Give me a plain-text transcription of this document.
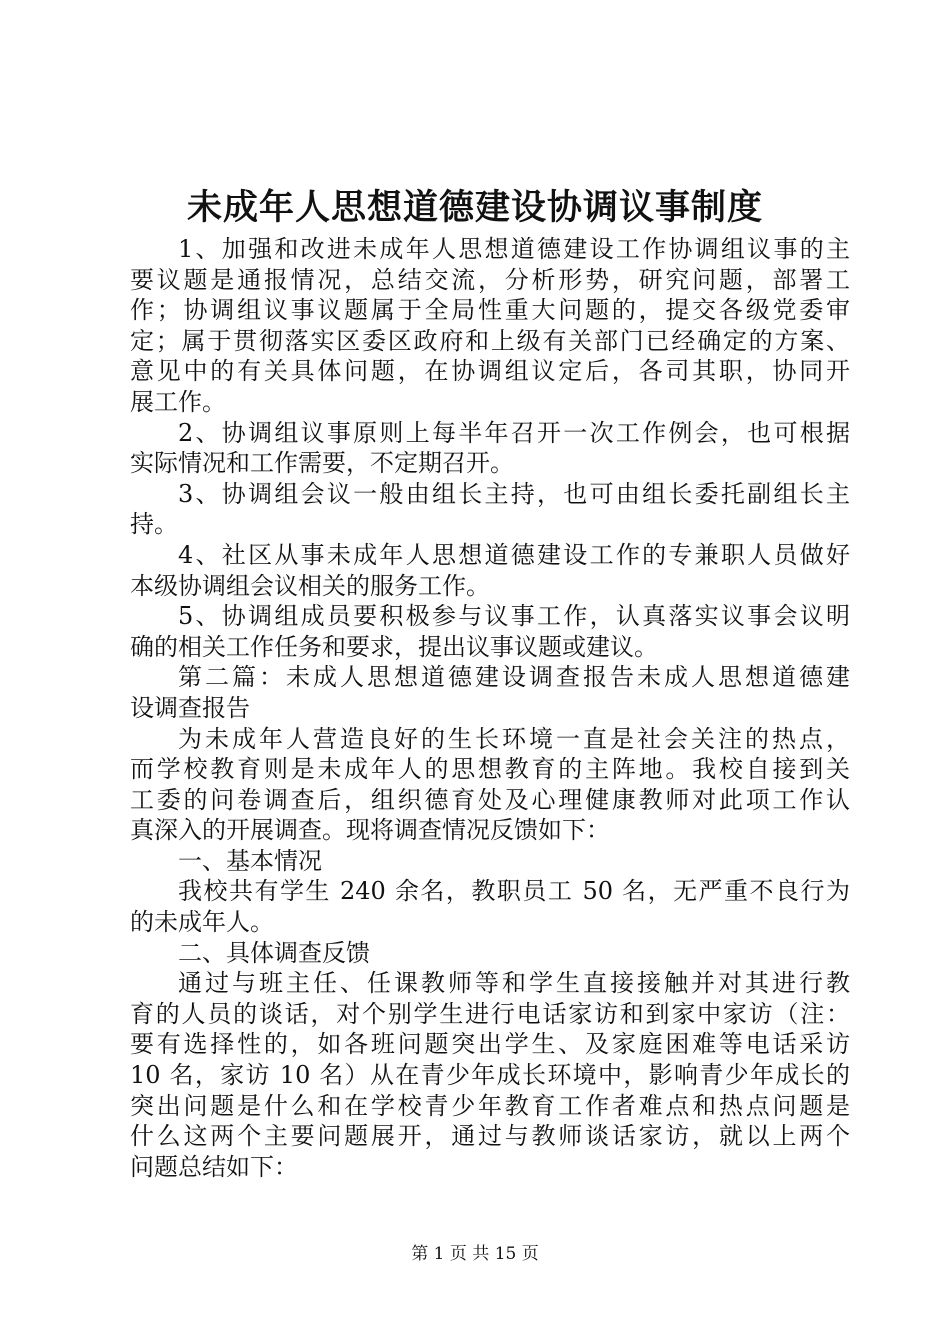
未成年人思想道德建设协调议事制度
1、加强和改进未成年人思想道德建设工作协调组议事的主
要议题是通报情况，总结交流，分析形势，研究问题，部署工
作；协调组议事议题属于全局性重大问题的，提交各级党委审
定；属于贯彻落实区委区政府和上级有关部门已经确定的方案、
意见中的有关具体问题，在协调组议定后，各司其职，协同开
展工作。
2、协调组议事原则上每半年召开一次工作例会，也可根据
实际情况和工作需要，不定期召开。
3、协调组会议一般由组长主持，也可由组长委托副组长主
持。
4、社区从事未成年人思想道德建设工作的专兼职人员做好
本级协调组会议相关的服务工作。
5、协调组成员要积极参与议事工作，认真落实议事会议明
确的相关工作任务和要求，提出议事议题或建议。
第二篇：未成人思想道德建设调查报告未成人思想道德建
设调查报告
为未成年人营造良好的生长环境一直是社会关注的热点，
而学校教育则是未成年人的思想教育的主阵地。我校自接到关
工委的问卷调查后，组织德育处及心理健康教师对此项工作认
真深入的开展调查。现将调查情况反馈如下：
一、基本情况
我校共有学生 240 余名，教职员工 50 名，无严重不良行为
的未成年人。
二、具体调查反馈
通过与班主任、任课教师等和学生直接接触并对其进行教
育的人员的谈话，对个别学生进行电话家访和到家中家访（注：
要有选择性的，如各班问题突出学生、及家庭困难等电话采访
10 名，家访 10 名）从在青少年成长环境中，影响青少年成长的
突出问题是什么和在学校青少年教育工作者难点和热点问题是
什么这两个主要问题展开，通过与教师谈话家访，就以上两个
问题总结如下：
第 1 页 共 15 页
